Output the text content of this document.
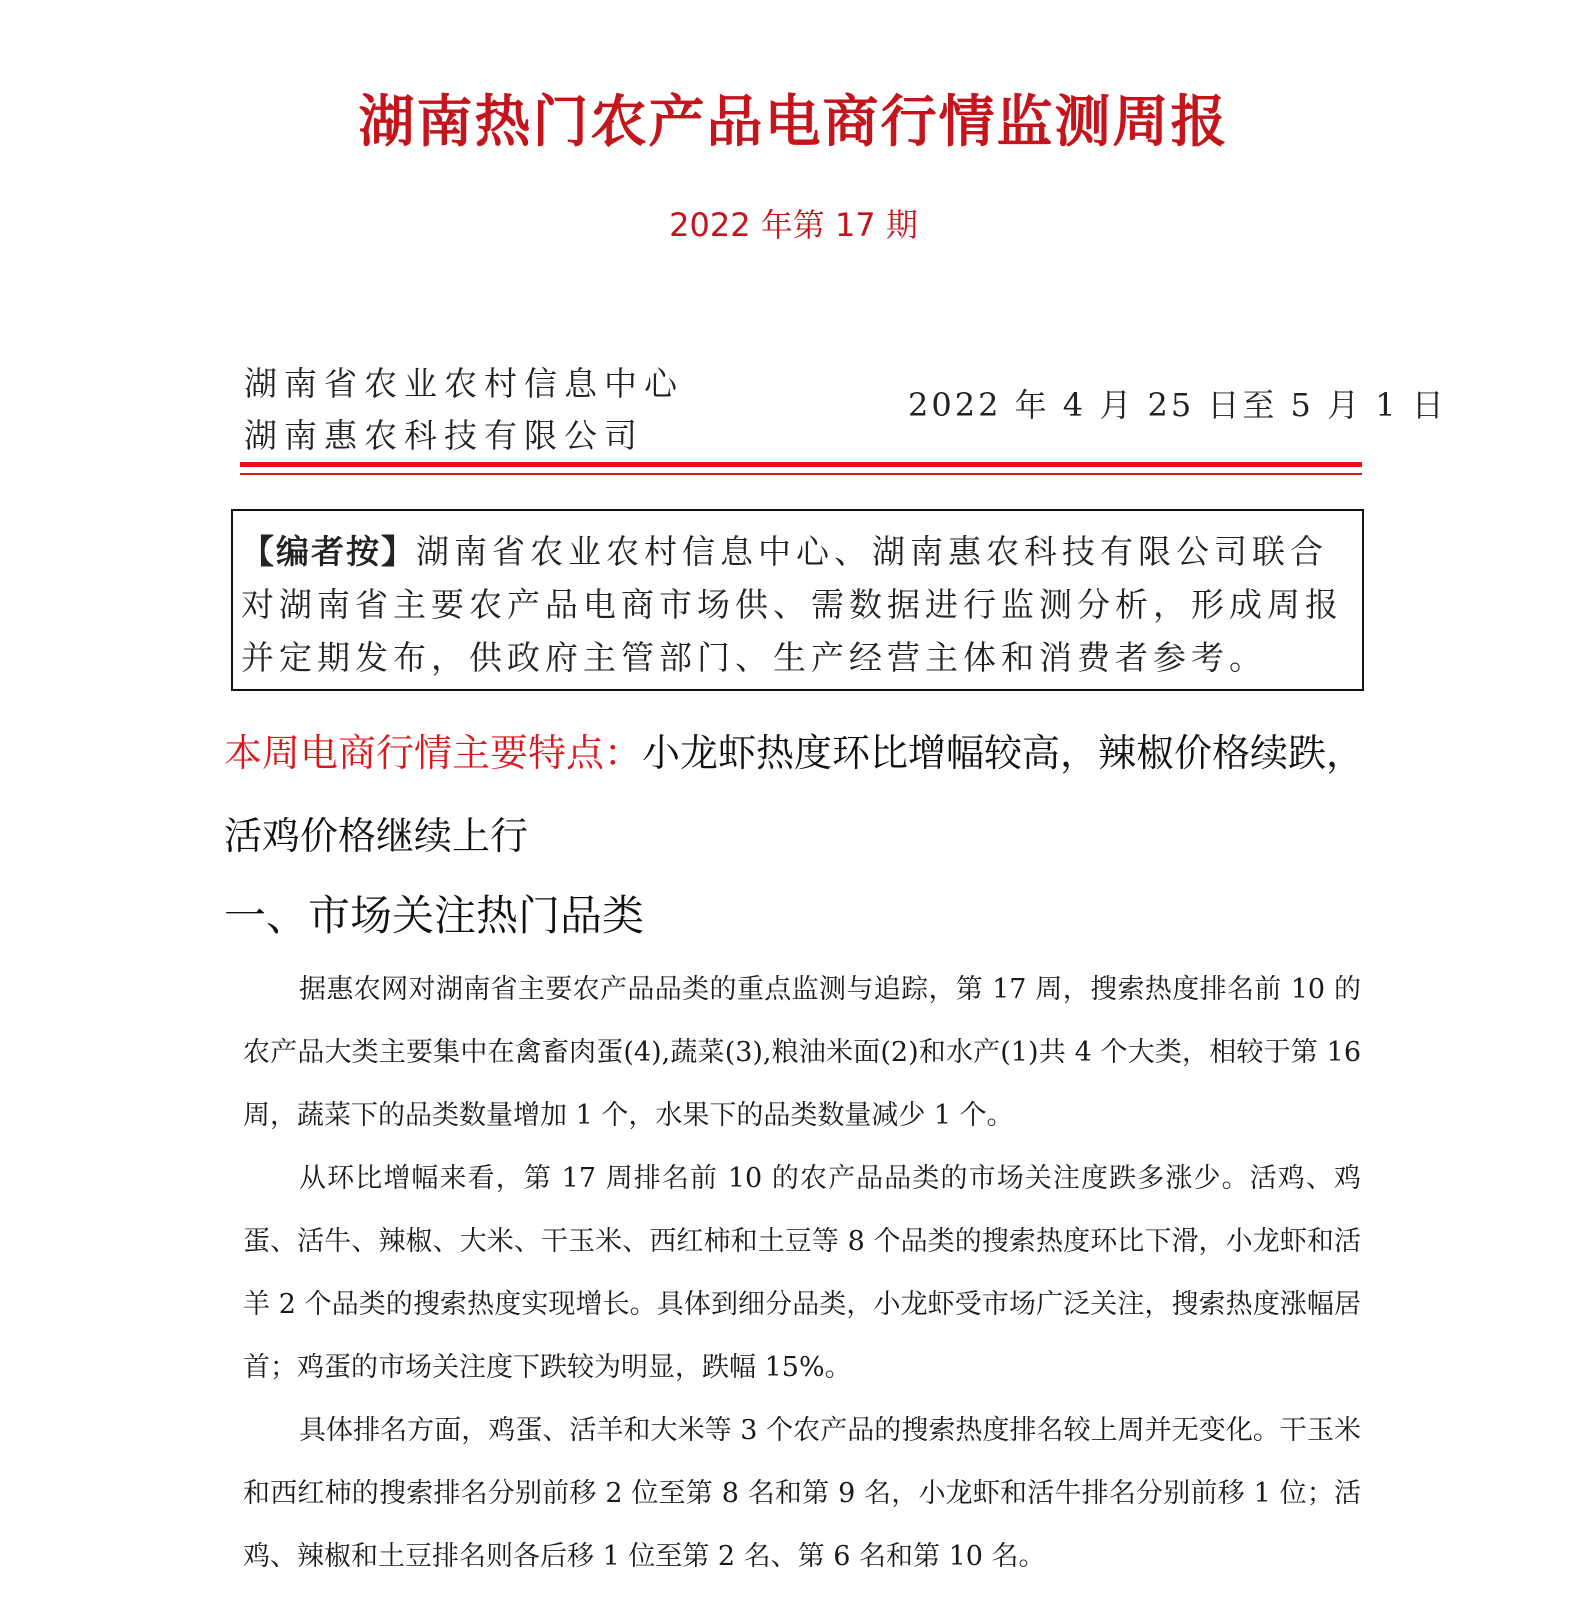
湖南热门农产品电商行情监测周报
2022 年第 17 期
湖南省农业农村信息中心
湖南惠农科技有限公司
2022 年 4 月 25 日至 5 月 1 日
【编者按】湖南省农业农村信息中心、湖南惠农科技有限公司联合对湖南省主要农产品电商市场供、需数据进行监测分析，形成周报并定期发布，供政府主管部门、生产经营主体和消费者参考。
本周电商行情主要特点：小龙虾热度环比增幅较高，辣椒价格续跌，活鸡价格继续上行
一、市场关注热门品类

据惠农网对湖南省主要农产品品类的重点监测与追踪，第 17 周，搜索热度排名前 10 的农产品大类主要集中在禽畜肉蛋(4),蔬菜(3),粮油米面(2)和水产(1)共 4 个大类，相较于第 16 周，蔬菜下的品类数量增加 1 个，水果下的品类数量减少 1 个。

从环比增幅来看，第 17 周排名前 10 的农产品品类的市场关注度跌多涨少。活鸡、鸡蛋、活牛、辣椒、大米、干玉米、西红柿和土豆等 8 个品类的搜索热度环比下滑，小龙虾和活羊 2 个品类的搜索热度实现增长。具体到细分品类，小龙虾受市场广泛关注，搜索热度涨幅居首；鸡蛋的市场关注度下跌较为明显，跌幅 15%。

具体排名方面，鸡蛋、活羊和大米等 3 个农产品的搜索热度排名较上周并无变化。干玉米和西红柿的搜索排名分别前移 2 位至第 8 名和第 9 名，小龙虾和活牛排名分别前移 1 位；活鸡、辣椒和土豆排名则各后移 1 位至第 2 名、第 6 名和第 10 名。
